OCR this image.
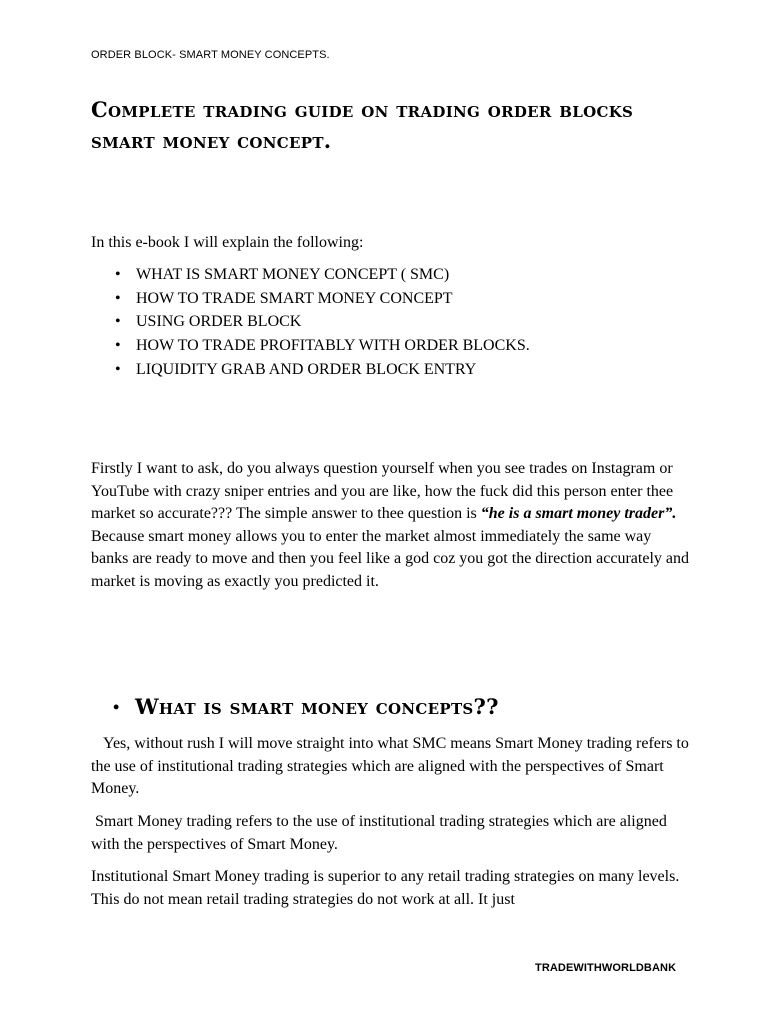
ORDER BLOCK- SMART MONEY CONCEPTS.
Complete trading guide on trading order blocks smart money concept.

In this e-book I will explain the following:

• WHAT IS SMART MONEY CONCEPT ( SMC)
• HOW TO TRADE SMART MONEY CONCEPT
• USING ORDER BLOCK
• HOW TO TRADE PROFITABLY WITH ORDER BLOCKS.
• LIQUIDITY GRAB AND ORDER BLOCK ENTRY

Firstly I want to ask, do you always question yourself when you see trades on Instagram or YouTube with crazy sniper entries and you are like, how the fuck did this person enter thee market so accurate??? The simple answer to thee question is “he is a smart money trader”. Because smart money allows you to enter the market almost immediately the same way banks are ready to move and then you feel like a god coz you got the direction accurately and market is moving as exactly you predicted it.

• What is smart money concepts??

Yes, without rush I will move straight into what SMC means Smart Money trading refers to the use of institutional trading strategies which are aligned with the perspectives of Smart Money.

Smart Money trading refers to the use of institutional trading strategies which are aligned with the perspectives of Smart Money.

Institutional Smart Money trading is superior to any retail trading strategies on many levels. This do not mean retail trading strategies do not work at all. It just

TRADEWITHWORLDBANK
